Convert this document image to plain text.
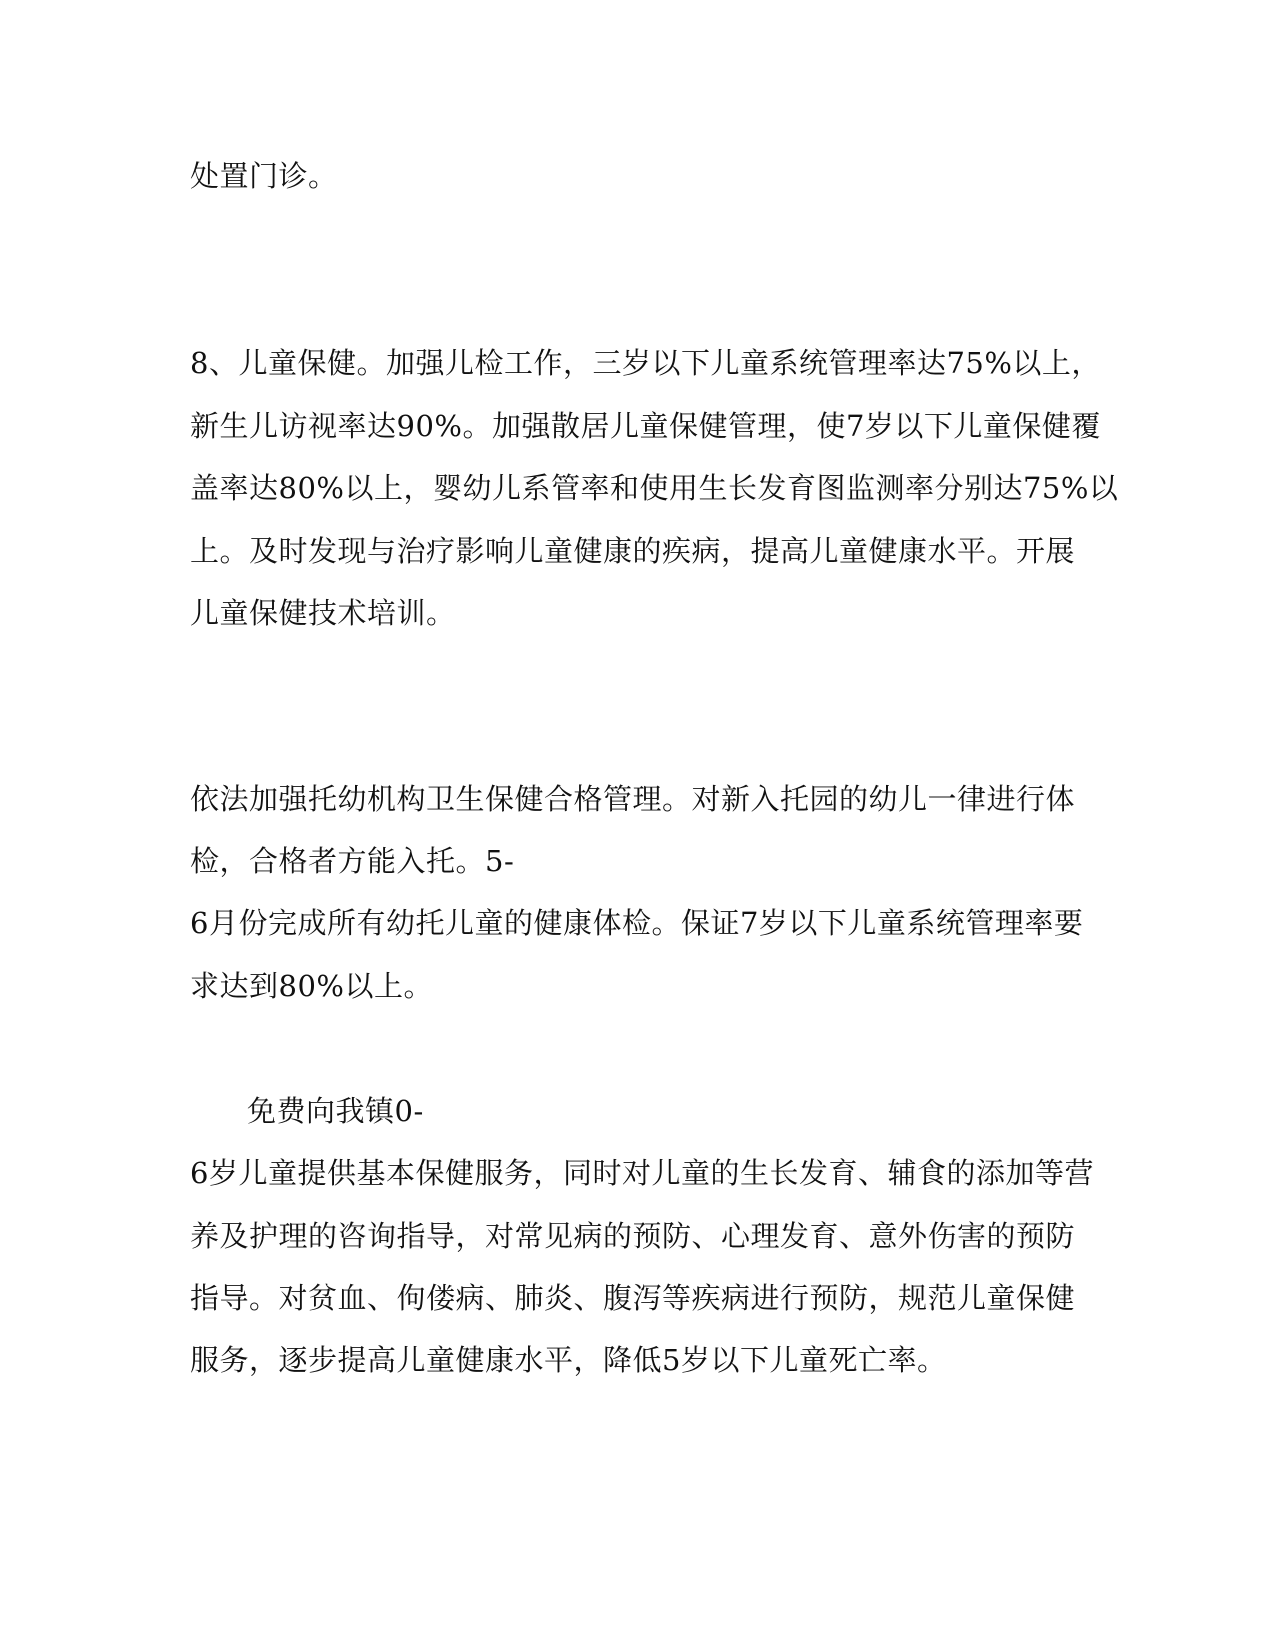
处置门诊。
8、儿童保健。加强儿检工作，三岁以下儿童系统管理率达75%以上，
新生儿访视率达90%。加强散居儿童保健管理，使7岁以下儿童保健覆
盖率达80%以上，婴幼儿系管率和使用生长发育图监测率分别达75%以
上。及时发现与治疗影响儿童健康的疾病，提高儿童健康水平。开展
儿童保健技术培训。
依法加强托幼机构卫生保健合格管理。对新入托园的幼儿一律进行体
检，合格者方能入托。5-
6月份完成所有幼托儿童的健康体检。保证7岁以下儿童系统管理率要
求达到80%以上。
免费向我镇0-
6岁儿童提供基本保健服务，同时对儿童的生长发育、辅食的添加等营
养及护理的咨询指导，对常见病的预防、心理发育、意外伤害的预防
指导。对贫血、佝偻病、肺炎、腹泻等疾病进行预防，规范儿童保健
服务，逐步提高儿童健康水平，降低5岁以下儿童死亡率。
